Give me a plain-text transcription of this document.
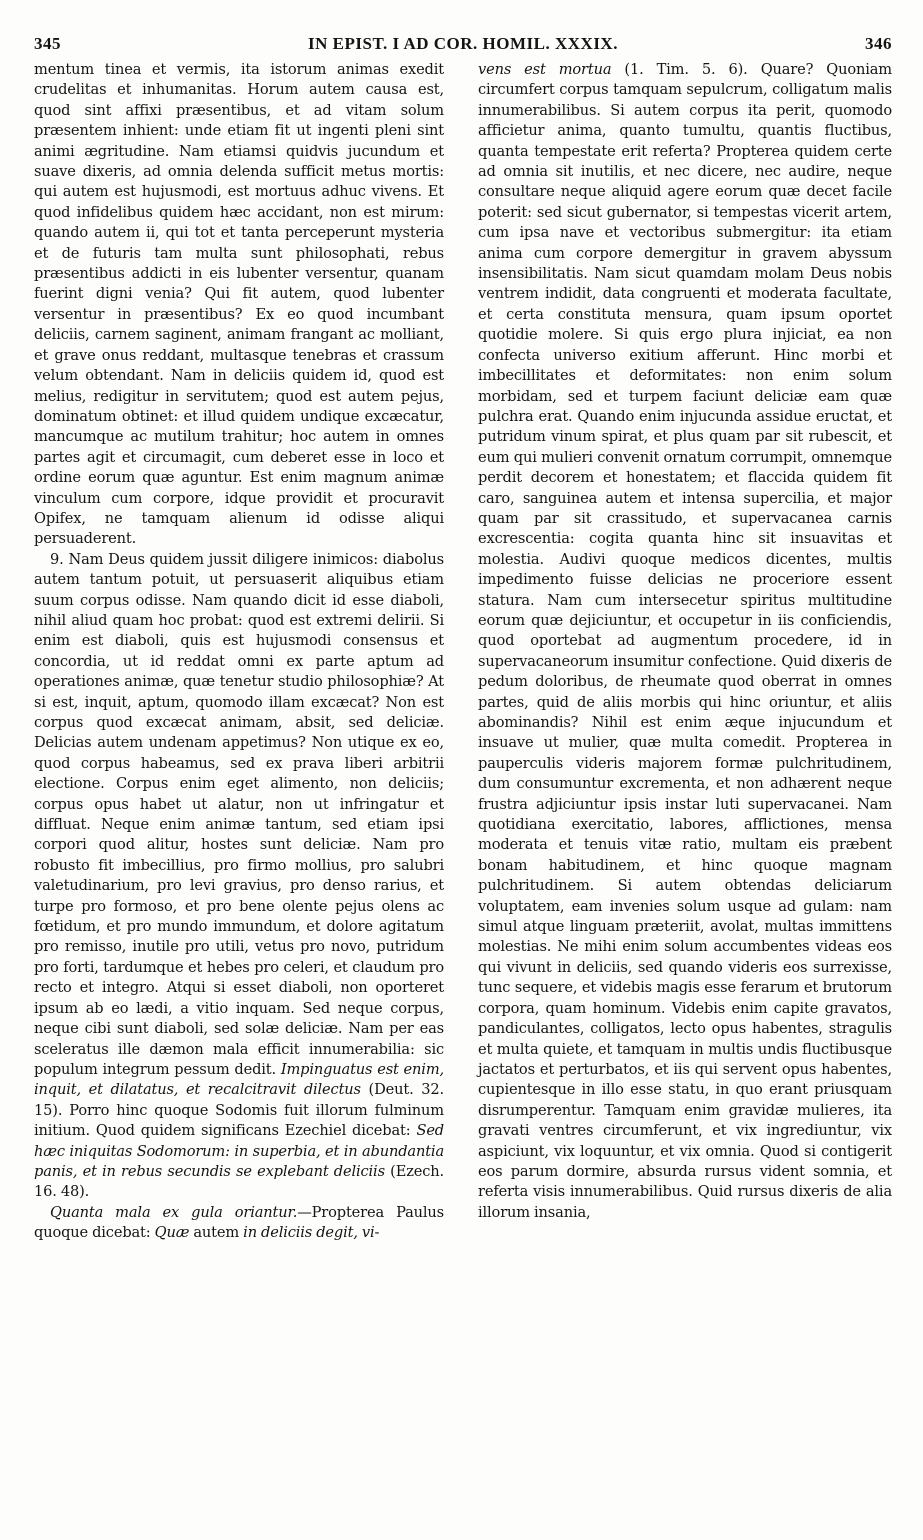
345	IN EPIST. I AD COR. HOMIL. XXXIX.	346

mentum tinea et vermis, ita istorum animas exedit crudelitas et inhumanitas. Horum autem causa est, quod sint affixi præsentibus, et ad vitam solum præsentem inhient: unde etiam fit ut ingenti pleni sint animi ægritudine. Nam etiamsi quidvis jucundum et suave dixeris, ad omnia delenda sufficit metus mortis: qui autem est hujusmodi, est mortuus adhuc vivens. Et quod infidelibus quidem hæc accidant, non est mirum: quando autem ii, qui tot et tanta perceperunt mysteria et de futuris tam multa sunt philosophati, rebus præsentibus addicti in eis lubenter versentur, quanam fuerint digni venia? Qui fit autem, quod lubenter versentur in præsentibus? Ex eo quod incumbant deliciis, carnem saginent, animam frangant ac molliant, et grave onus reddant, multasque tenebras et crassum velum obtendant. Nam in deliciis quidem id, quod est melius, redigitur in servitutem; quod est autem pejus, dominatum obtinet: et illud quidem undique excæcatur, mancumque ac mutilum trahitur; hoc autem in omnes partes agit et circumagit, cum deberet esse in loco et ordine eorum quæ aguntur. Est enim magnum animæ vinculum cum corpore, idque providit et procuravit Opifex, ne tamquam alienum id odisse aliqui persuaderent.

9. Nam Deus quidem jussit diligere inimicos: diabolus autem tantum potuit, ut persuaserit aliquibus etiam suum corpus odisse. Nam quando dicit id esse diaboli, nihil aliud quam hoc probat: quod est extremi delirii. Si enim est diaboli, quis est hujusmodi consensus et concordia, ut id reddat omni ex parte aptum ad operationes animæ, quæ tenetur studio philosophiæ? At si est, inquit, aptum, quomodo illam excæcat? Non est corpus quod excæcat animam, absit, sed deliciæ. Delicias autem undenam appetimus? Non utique ex eo, quod corpus habeamus, sed ex prava liberi arbitrii electione. Corpus enim eget alimento, non deliciis; corpus opus habet ut alatur, non ut infringatur et diffluat. Neque enim animæ tantum, sed etiam ipsi corpori quod alitur, hostes sunt deliciæ. Nam pro robusto fit imbecillius, pro firmo mollius, pro salubri valetudinarium, pro levi gravius, pro denso rarius, et turpe pro formoso, et pro bene olente pejus olens ac fœtidum, et pro mundo immundum, et dolore agitatum pro remisso, inutile pro utili, vetus pro novo, putridum pro forti, tardumque et hebes pro celeri, et claudum pro recto et integro. Atqui si esset diaboli, non oporteret ipsum ab eo lædi, a vitio inquam. Sed neque corpus, neque cibi sunt diaboli, sed solæ deliciæ. Nam per eas sceleratus ille dæmon mala efficit innumerabilia: sic populum integrum pessum dedit. Impinguatus est enim, inquit, et dilatatus, et recalcitravit dilectus (Deut. 32. 15). Porro hinc quoque Sodomis fuit illorum fulminum initium. Quod quidem significans Ezechiel dicebat: Sed hæc iniquitas Sodomorum: in superbia, et in abundantia panis, et in rebus secundis se explebant deliciis (Ezech. 16. 48).

Quanta mala ex gula oriantur.—Propterea Paulus quoque dicebat: Quæ autem in deliciis degit, vi-

vens est mortua (1. Tim. 5. 6). Quare? Quoniam circumfert corpus tamquam sepulcrum, colligatum malis innumerabilibus. Si autem corpus ita perit, quomodo afficietur anima, quanto tumultu, quantis fluctibus, quanta tempestate erit referta? Propterea quidem certe ad omnia sit inutilis, et nec dicere, nec audire, neque consultare neque aliquid agere eorum quæ decet facile poterit: sed sicut gubernator, si tempestas vicerit artem, cum ipsa nave et vectoribus submergitur: ita etiam anima cum corpore demergitur in gravem abyssum insensibilitatis. Nam sicut quamdam molam Deus nobis ventrem indidit, data congruenti et moderata facultate, et certa constituta mensura, quam ipsum oportet quotidie molere. Si quis ergo plura injiciat, ea non confecta universo exitium afferunt. Hinc morbi et imbecillitates et deformitates: non enim solum morbidam, sed et turpem faciunt deliciæ eam quæ pulchra erat. Quando enim injucunda assidue eructat, et putridum vinum spirat, et plus quam par sit rubescit, et eum qui mulieri convenit ornatum corrumpit, omnemque perdit decorem et honestatem; et flaccida quidem fit caro, sanguinea autem et intensa supercilia, et major quam par sit crassitudo, et supervacanea carnis excrescentia: cogita quanta hinc sit insuavitas et molestia. Audivi quoque medicos dicentes, multis impedimento fuisse delicias ne proceriore essent statura. Nam cum intersecetur spiritus multitudine eorum quæ dejiciuntur, et occupetur in iis conficiendis, quod oportebat ad augmentum procedere, id in supervacaneorum insumitur confectione. Quid dixeris de pedum doloribus, de rheumate quod oberrat in omnes partes, quid de aliis morbis qui hinc oriuntur, et aliis abominandis? Nihil est enim æque injucundum et insuave ut mulier, quæ multa comedit. Propterea in pauperculis videris majorem formæ pulchritudinem, dum consumuntur excrementa, et non adhærent neque frustra adjiciuntur ipsis instar luti supervacanei. Nam quotidiana exercitatio, labores, afflictiones, mensa moderata et tenuis vitæ ratio, multam eis præbent bonam habitudinem, et hinc quoque magnam pulchritudinem. Si autem obtendas deliciarum voluptatem, eam invenies solum usque ad gulam: nam simul atque linguam præteriit, avolat, multas immittens molestias. Ne mihi enim solum accumbentes videas eos qui vivunt in deliciis, sed quando videris eos surrexisse, tunc sequere, et videbis magis esse ferarum et brutorum corpora, quam hominum. Videbis enim capite gravatos, pandiculantes, colligatos, lecto opus habentes, stragulis et multa quiete, et tamquam in multis undis fluctibusque jactatos et perturbatos, et iis qui servent opus habentes, cupientesque in illo esse statu, in quo erant priusquam disrumperentur. Tamquam enim gravidæ mulieres, ita gravati ventres circumferunt, et vix ingrediuntur, vix aspiciunt, vix loquuntur, et vix omnia. Quod si contigerit eos parum dormire, absurda rursus vident somnia, et referta visis innumerabilibus. Quid rursus dixeris de alia illorum insania,
